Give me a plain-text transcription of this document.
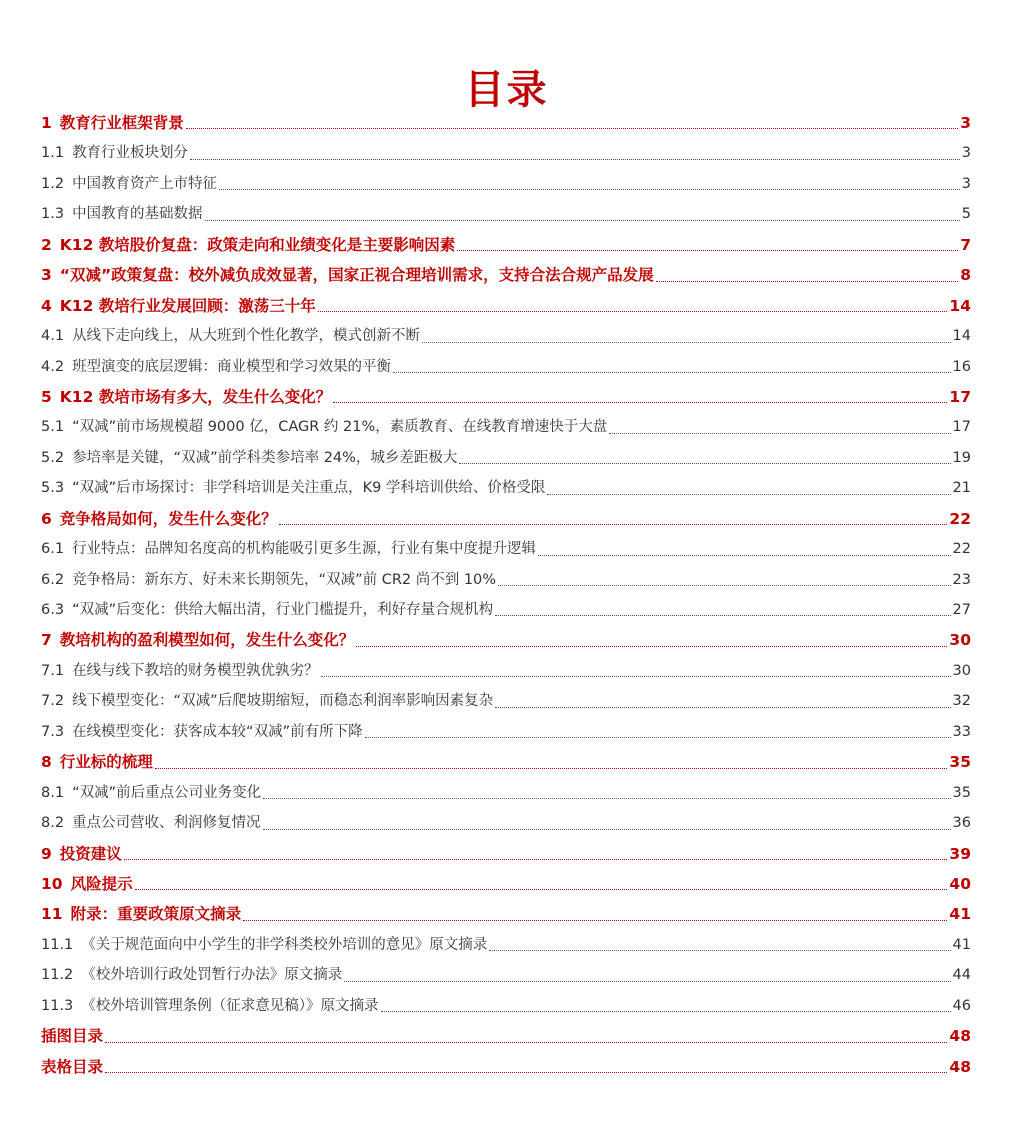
目录
1 教育行业框架背景	3
1.1 教育行业板块划分	3
1.2 中国教育资产上市特征	3
1.3 中国教育的基础数据	5
2 K12 教培股价复盘：政策走向和业绩变化是主要影响因素	7
3 “双减”政策复盘：校外减负成效显著，国家正视合理培训需求，支持合法合规产品发展	8
4 K12 教培行业发展回顾：激荡三十年	14
4.1 从线下走向线上，从大班到个性化教学，模式创新不断	14
4.2 班型演变的底层逻辑：商业模型和学习效果的平衡	16
5 K12 教培市场有多大，发生什么变化？	17
5.1 “双减”前市场规模超 9000 亿，CAGR 约 21%，素质教育、在线教育增速快于大盘	17
5.2 参培率是关键，“双减”前学科类参培率 24%，城乡差距极大	19
5.3 “双减”后市场探讨：非学科培训是关注重点，K9 学科培训供给、价格受限	21
6 竞争格局如何，发生什么变化？	22
6.1 行业特点：品牌知名度高的机构能吸引更多生源，行业有集中度提升逻辑	22
6.2 竞争格局：新东方、好未来长期领先，“双减”前 CR2 尚不到 10%	23
6.3 “双减”后变化：供给大幅出清，行业门槛提升，利好存量合规机构	27
7 教培机构的盈利模型如何，发生什么变化？	30
7.1 在线与线下教培的财务模型孰优孰劣？	30
7.2 线下模型变化：“双减”后爬坡期缩短，而稳态利润率影响因素复杂	32
7.3 在线模型变化：获客成本较“双减”前有所下降	33
8 行业标的梳理	35
8.1 “双减”前后重点公司业务变化	35
8.2 重点公司营收、利润修复情况	36
9 投资建议	39
10 风险提示	40
11 附录：重要政策原文摘录	41
11.1 《关于规范面向中小学生的非学科类校外培训的意见》原文摘录	41
11.2 《校外培训行政处罚暂行办法》原文摘录	44
11.3 《校外培训管理条例（征求意见稿）》原文摘录	46
插图目录	48
表格目录	48
